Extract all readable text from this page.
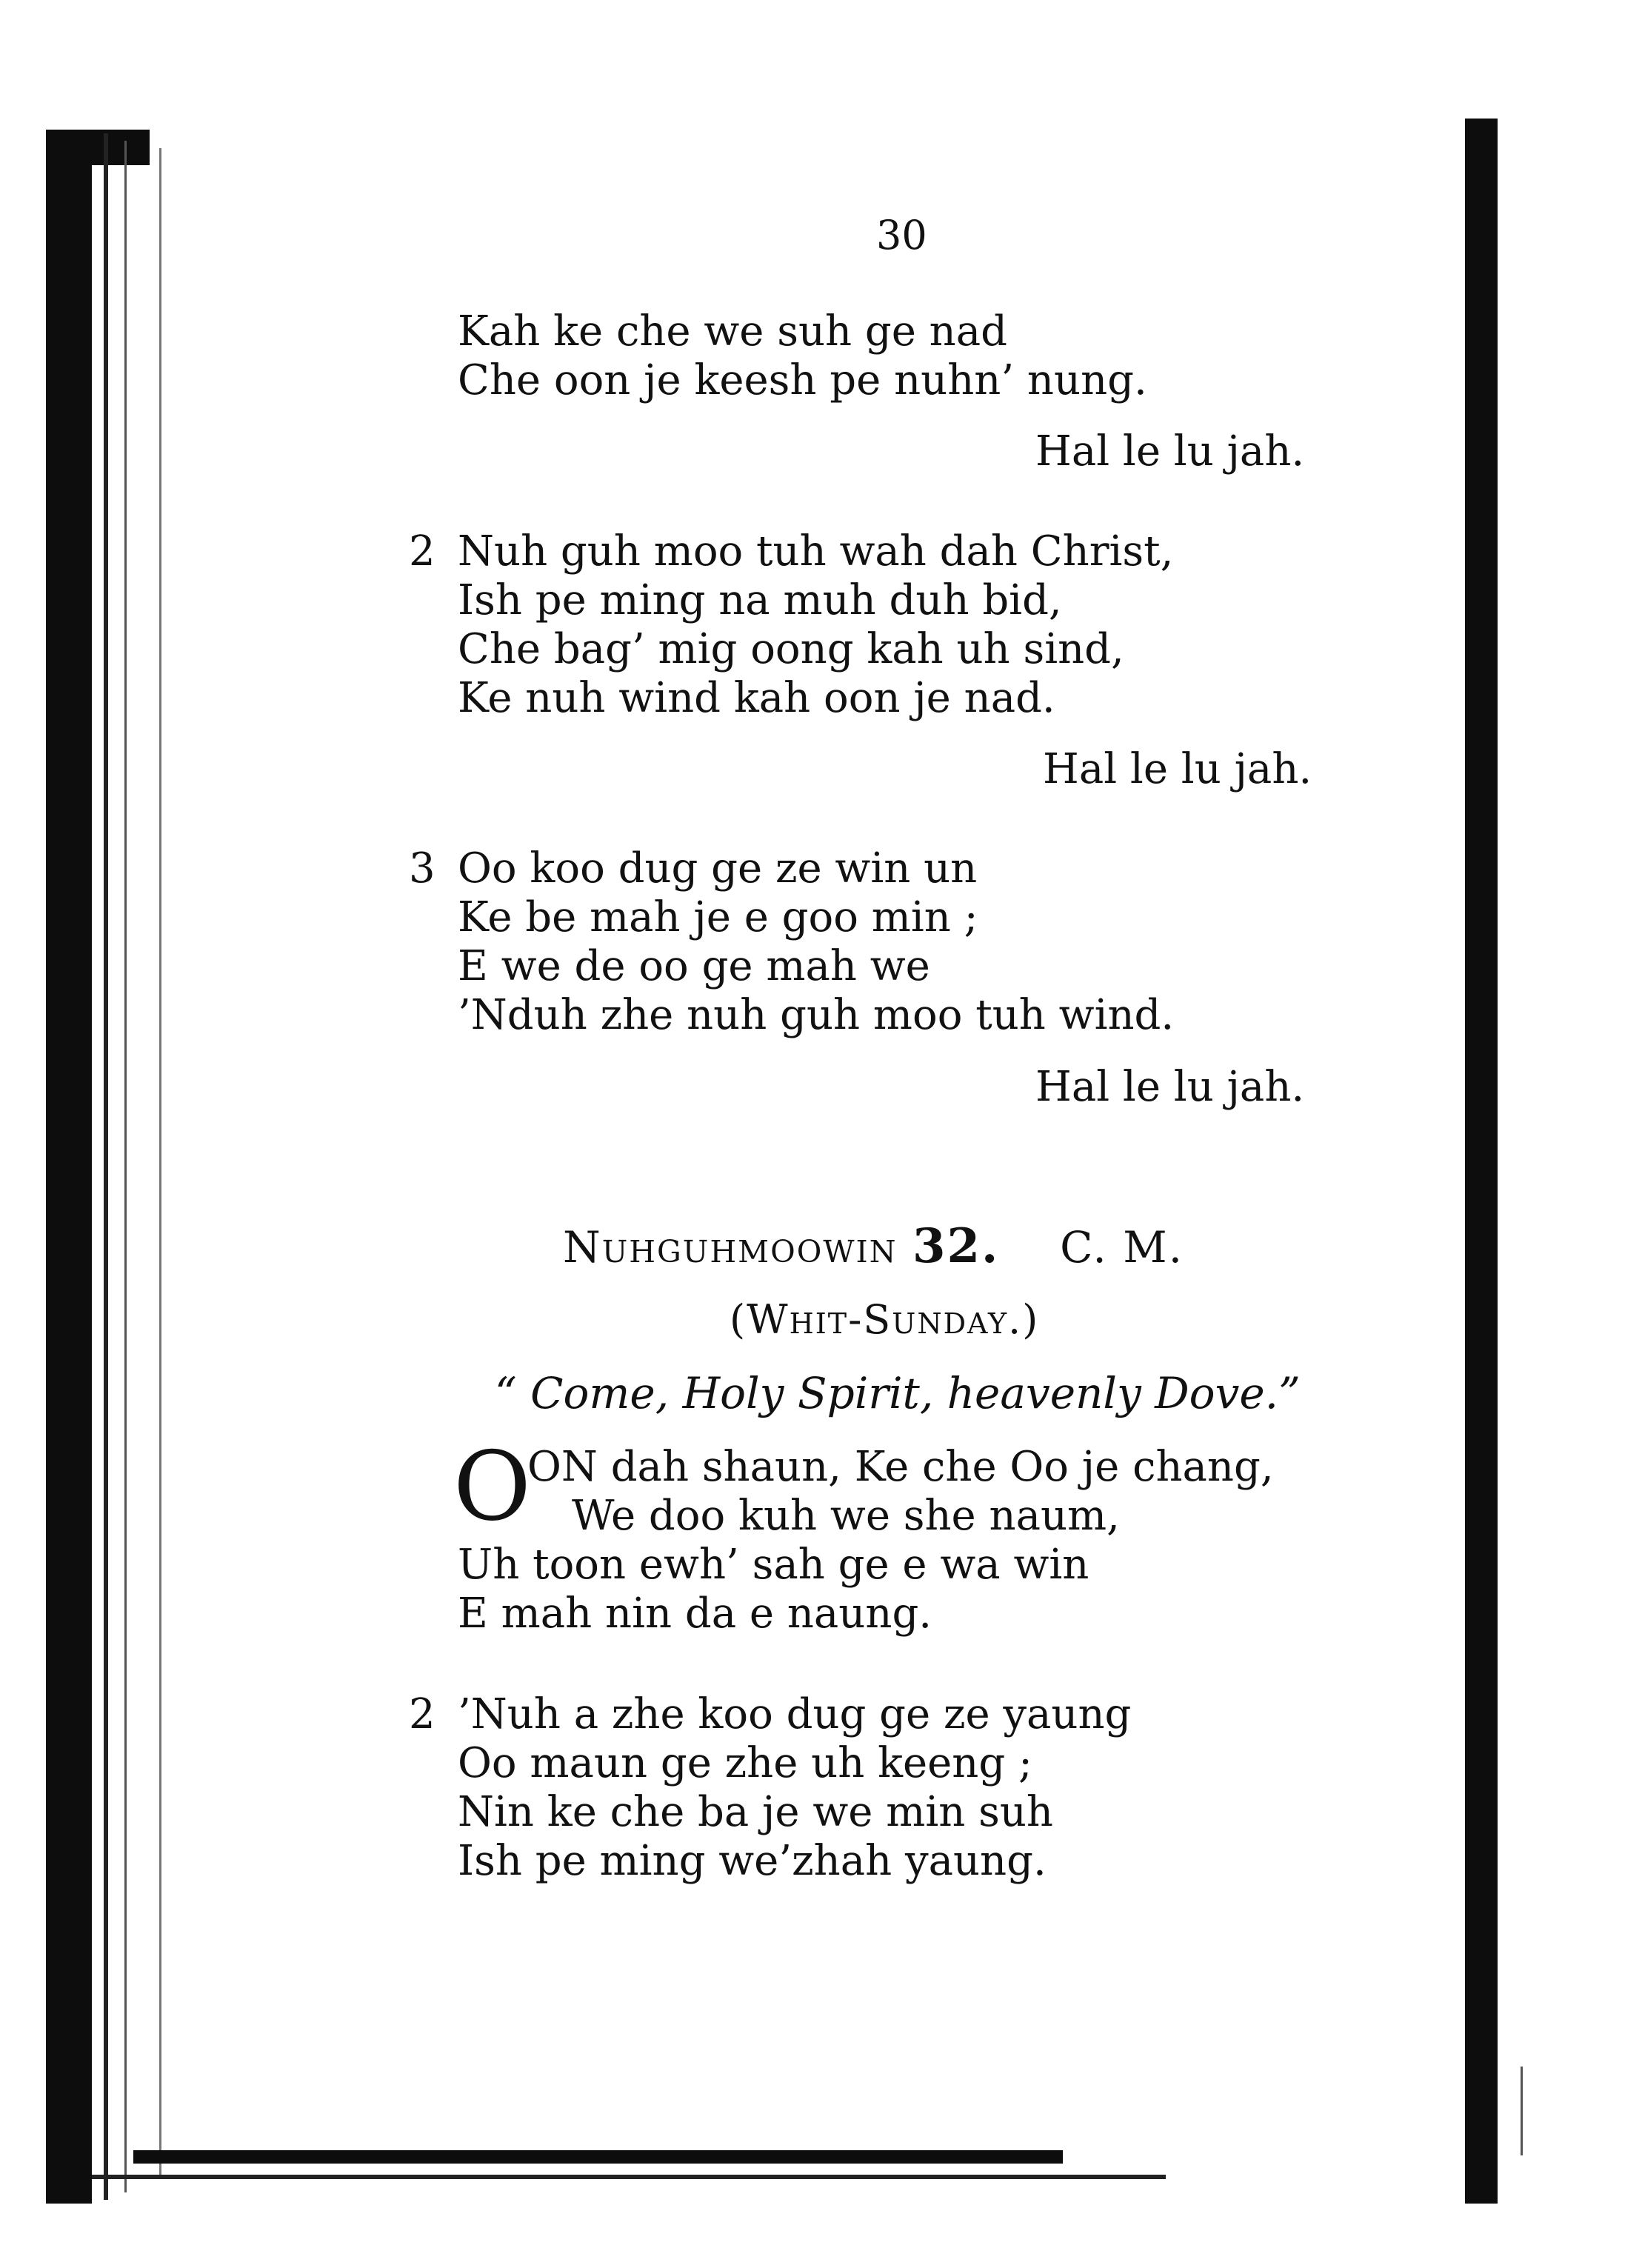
30
Kah ke che we suh ge nad
Che oon je keesh pe nuhn’ nung.
Hal le lu jah.
2 Nuh guh moo tuh wah dah Christ,
Ish pe ming na muh duh bid,
Che bag’ mig oong kah uh sind,
Ke nuh wind kah oon je nad.
Hal le lu jah.
3 Oo koo dug ge ze win un
Ke be mah je e goo min ;
E we de oo ge mah we
’Nduh zhe nuh guh moo tuh wind.
Hal le lu jah.
Nuhguhmoowin 32. C. M.
(Whit-Sunday.)
“ Come, Holy Spirit, heavenly Dove.”
O
ON dah shaun, Ke che Oo je chang,
We doo kuh we she naum,
Uh toon ewh’ sah ge e wa win
E mah nin da e naung.
2 ’Nuh a zhe koo dug ge ze yaung
Oo maun ge zhe uh keeng ;
Nin ke che ba je we min suh
Ish pe ming we’zhah yaung.
